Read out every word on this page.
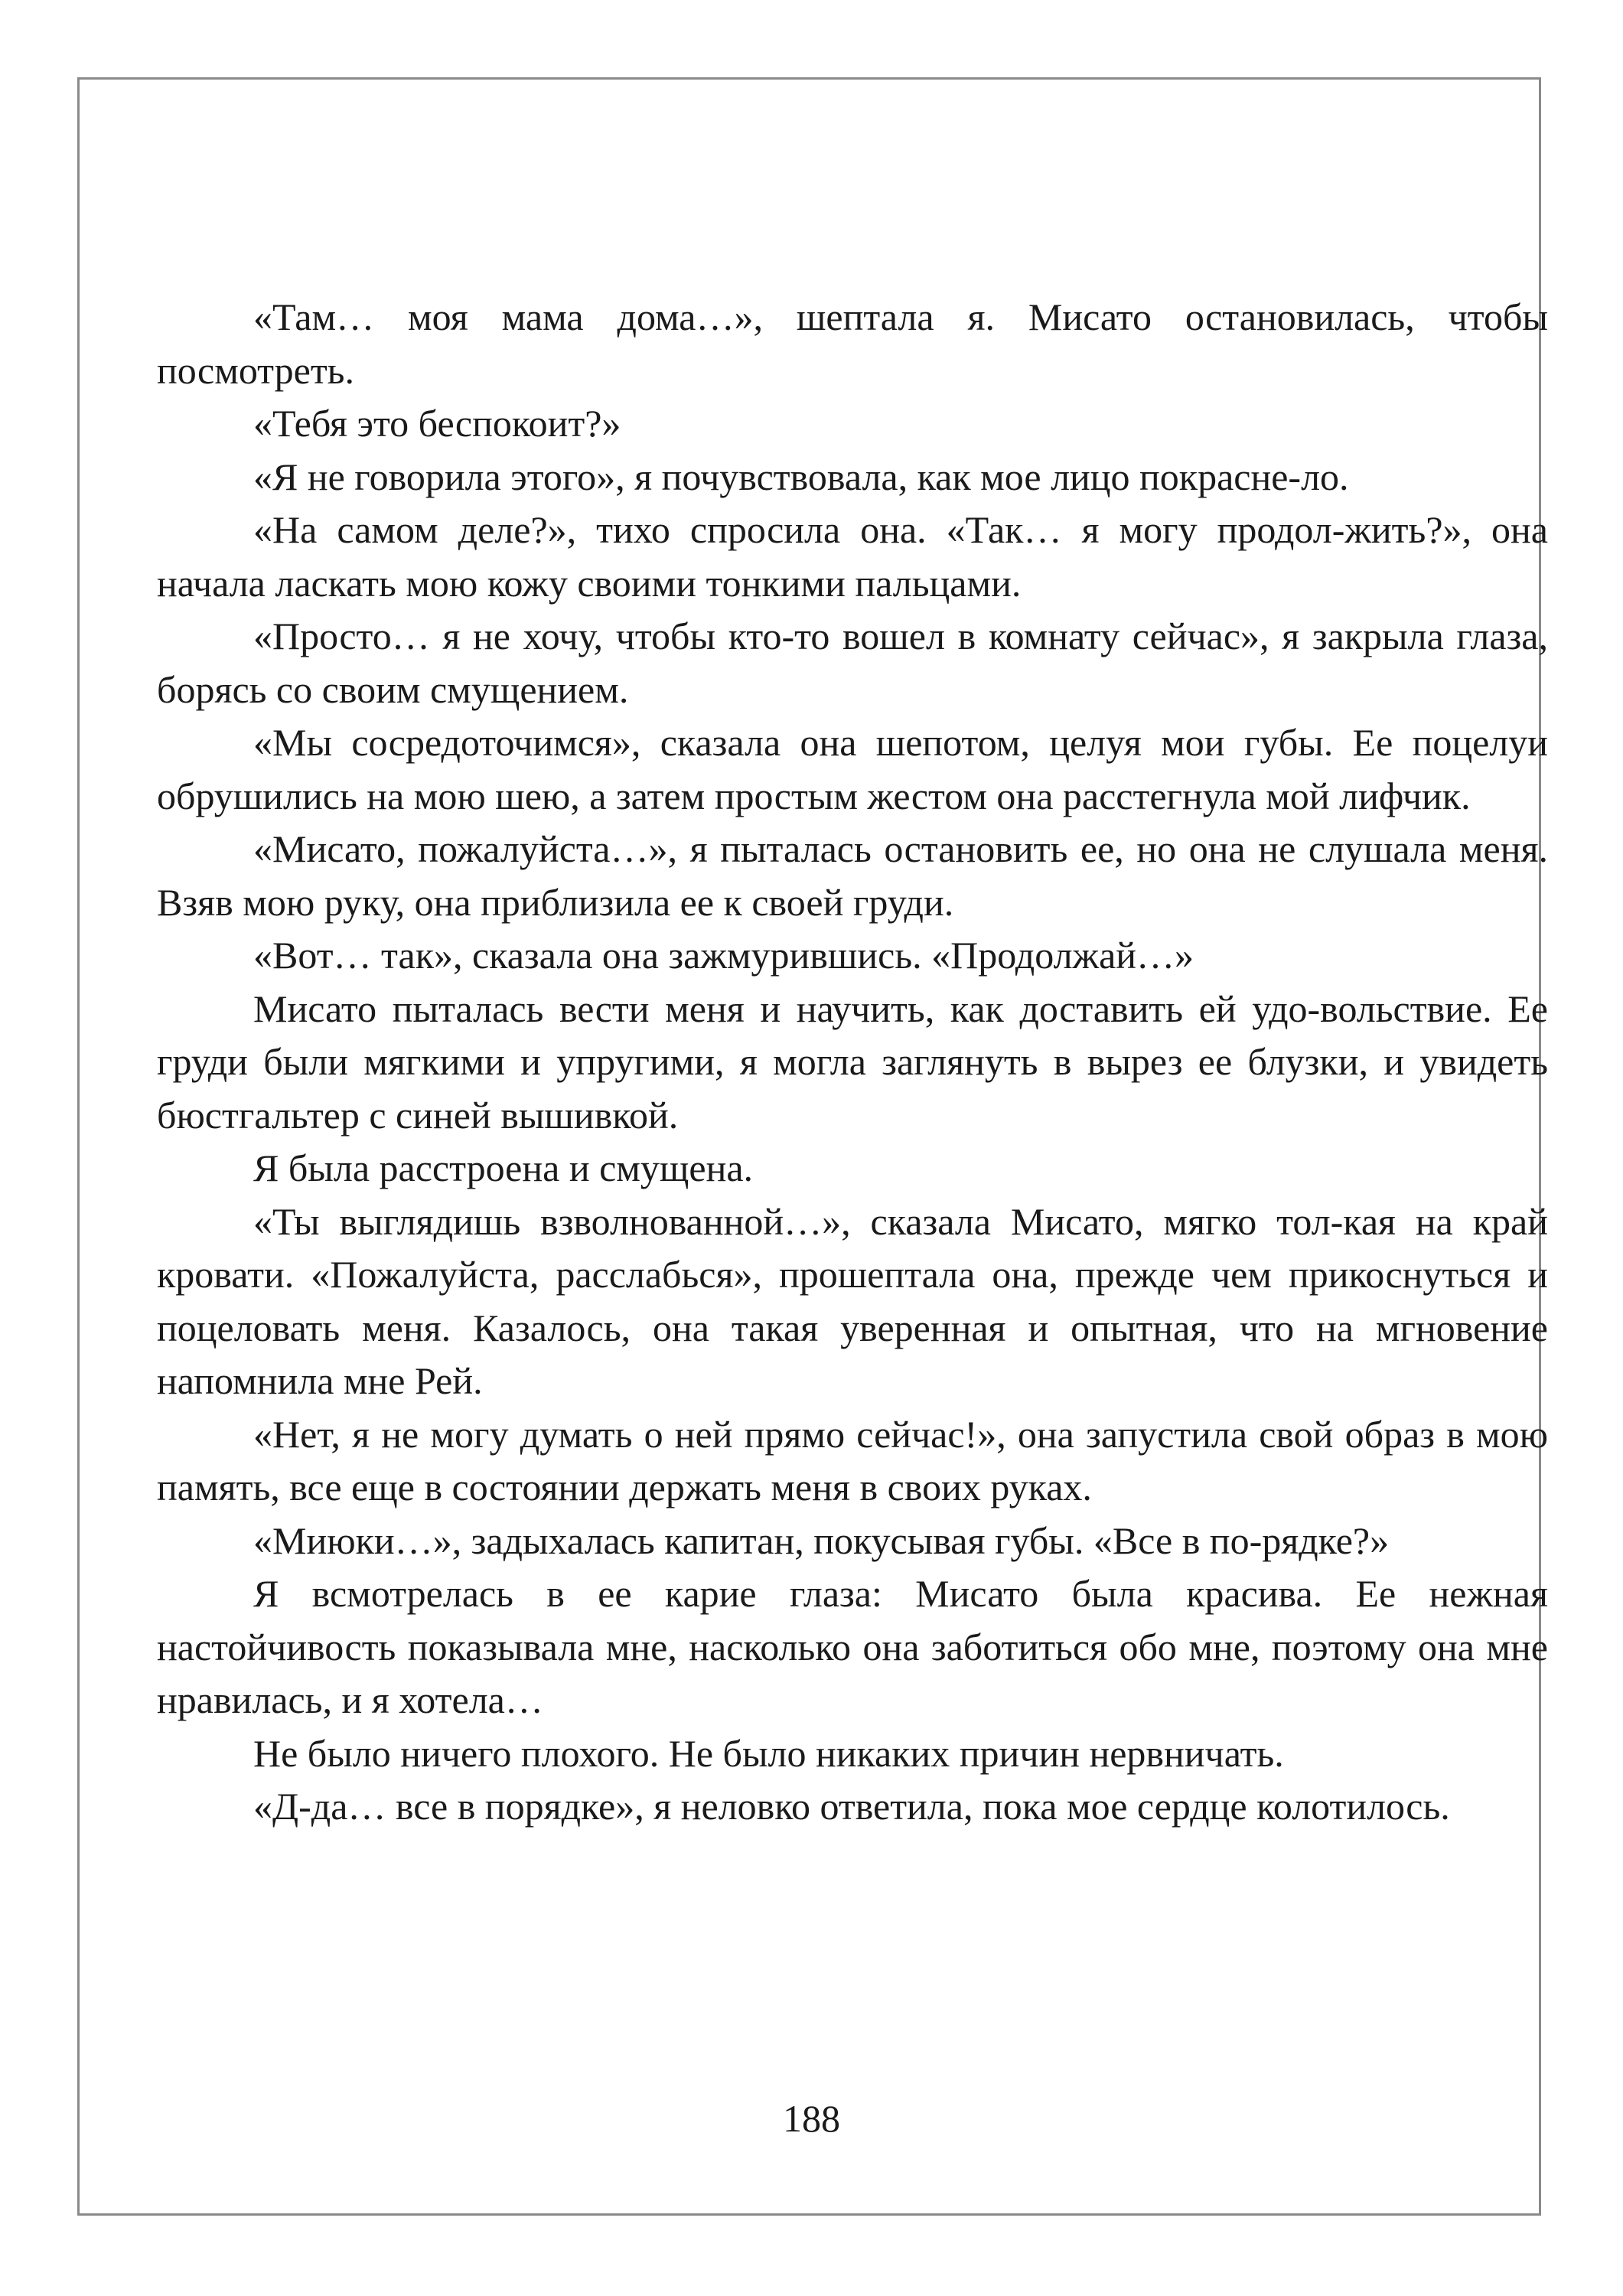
«Там… моя мама дома…», шептала я. Мисато остановилась, чтобы посмотреть.

«Тебя это беспокоит?»

«Я не говорила этого», я почувствовала, как мое лицо покрасне-ло.

«На самом деле?», тихо спросила она. «Так… я могу продол-жить?», она начала ласкать мою кожу своими тонкими пальцами.

«Просто… я не хочу, чтобы кто-то вошел в комнату сейчас», я закрыла глаза, борясь со своим смущением.

«Мы сосредоточимся», сказала она шепотом, целуя мои губы. Ее поцелуи обрушились на мою шею, а затем простым жестом она расстегнула мой лифчик.

«Мисато, пожалуйста…», я пыталась остановить ее, но она не слушала меня. Взяв мою руку, она приблизила ее к своей груди.

«Вот… так», сказала она зажмурившись. «Продолжай…»

Мисато пыталась вести меня и научить, как доставить ей удо-вольствие. Ее груди были мягкими и упругими, я могла заглянуть в вырез ее блузки, и увидеть бюстгальтер с синей вышивкой.

Я была расстроена и смущена.

«Ты выглядишь взволнованной…», сказала Мисато, мягко тол-кая на край кровати. «Пожалуйста, расслабься», прошептала она, прежде чем прикоснуться и поцеловать меня. Казалось, она такая уверенная и опытная, что на мгновение напомнила мне Рей.

«Нет, я не могу думать о ней прямо сейчас!», она запустила свой образ в мою память, все еще в состоянии держать меня в своих руках.

«Миюки…», задыхалась капитан, покусывая губы. «Все в по-рядке?»

Я всмотрелась в ее карие глаза: Мисато была красива. Ее нежная настойчивость показывала мне, насколько она заботиться обо мне, поэтому она мне нравилась, и я хотела…

Не было ничего плохого. Не было никаких причин нервничать.

«Д-да… все в порядке», я неловко ответила, пока мое сердце колотилось.

188
